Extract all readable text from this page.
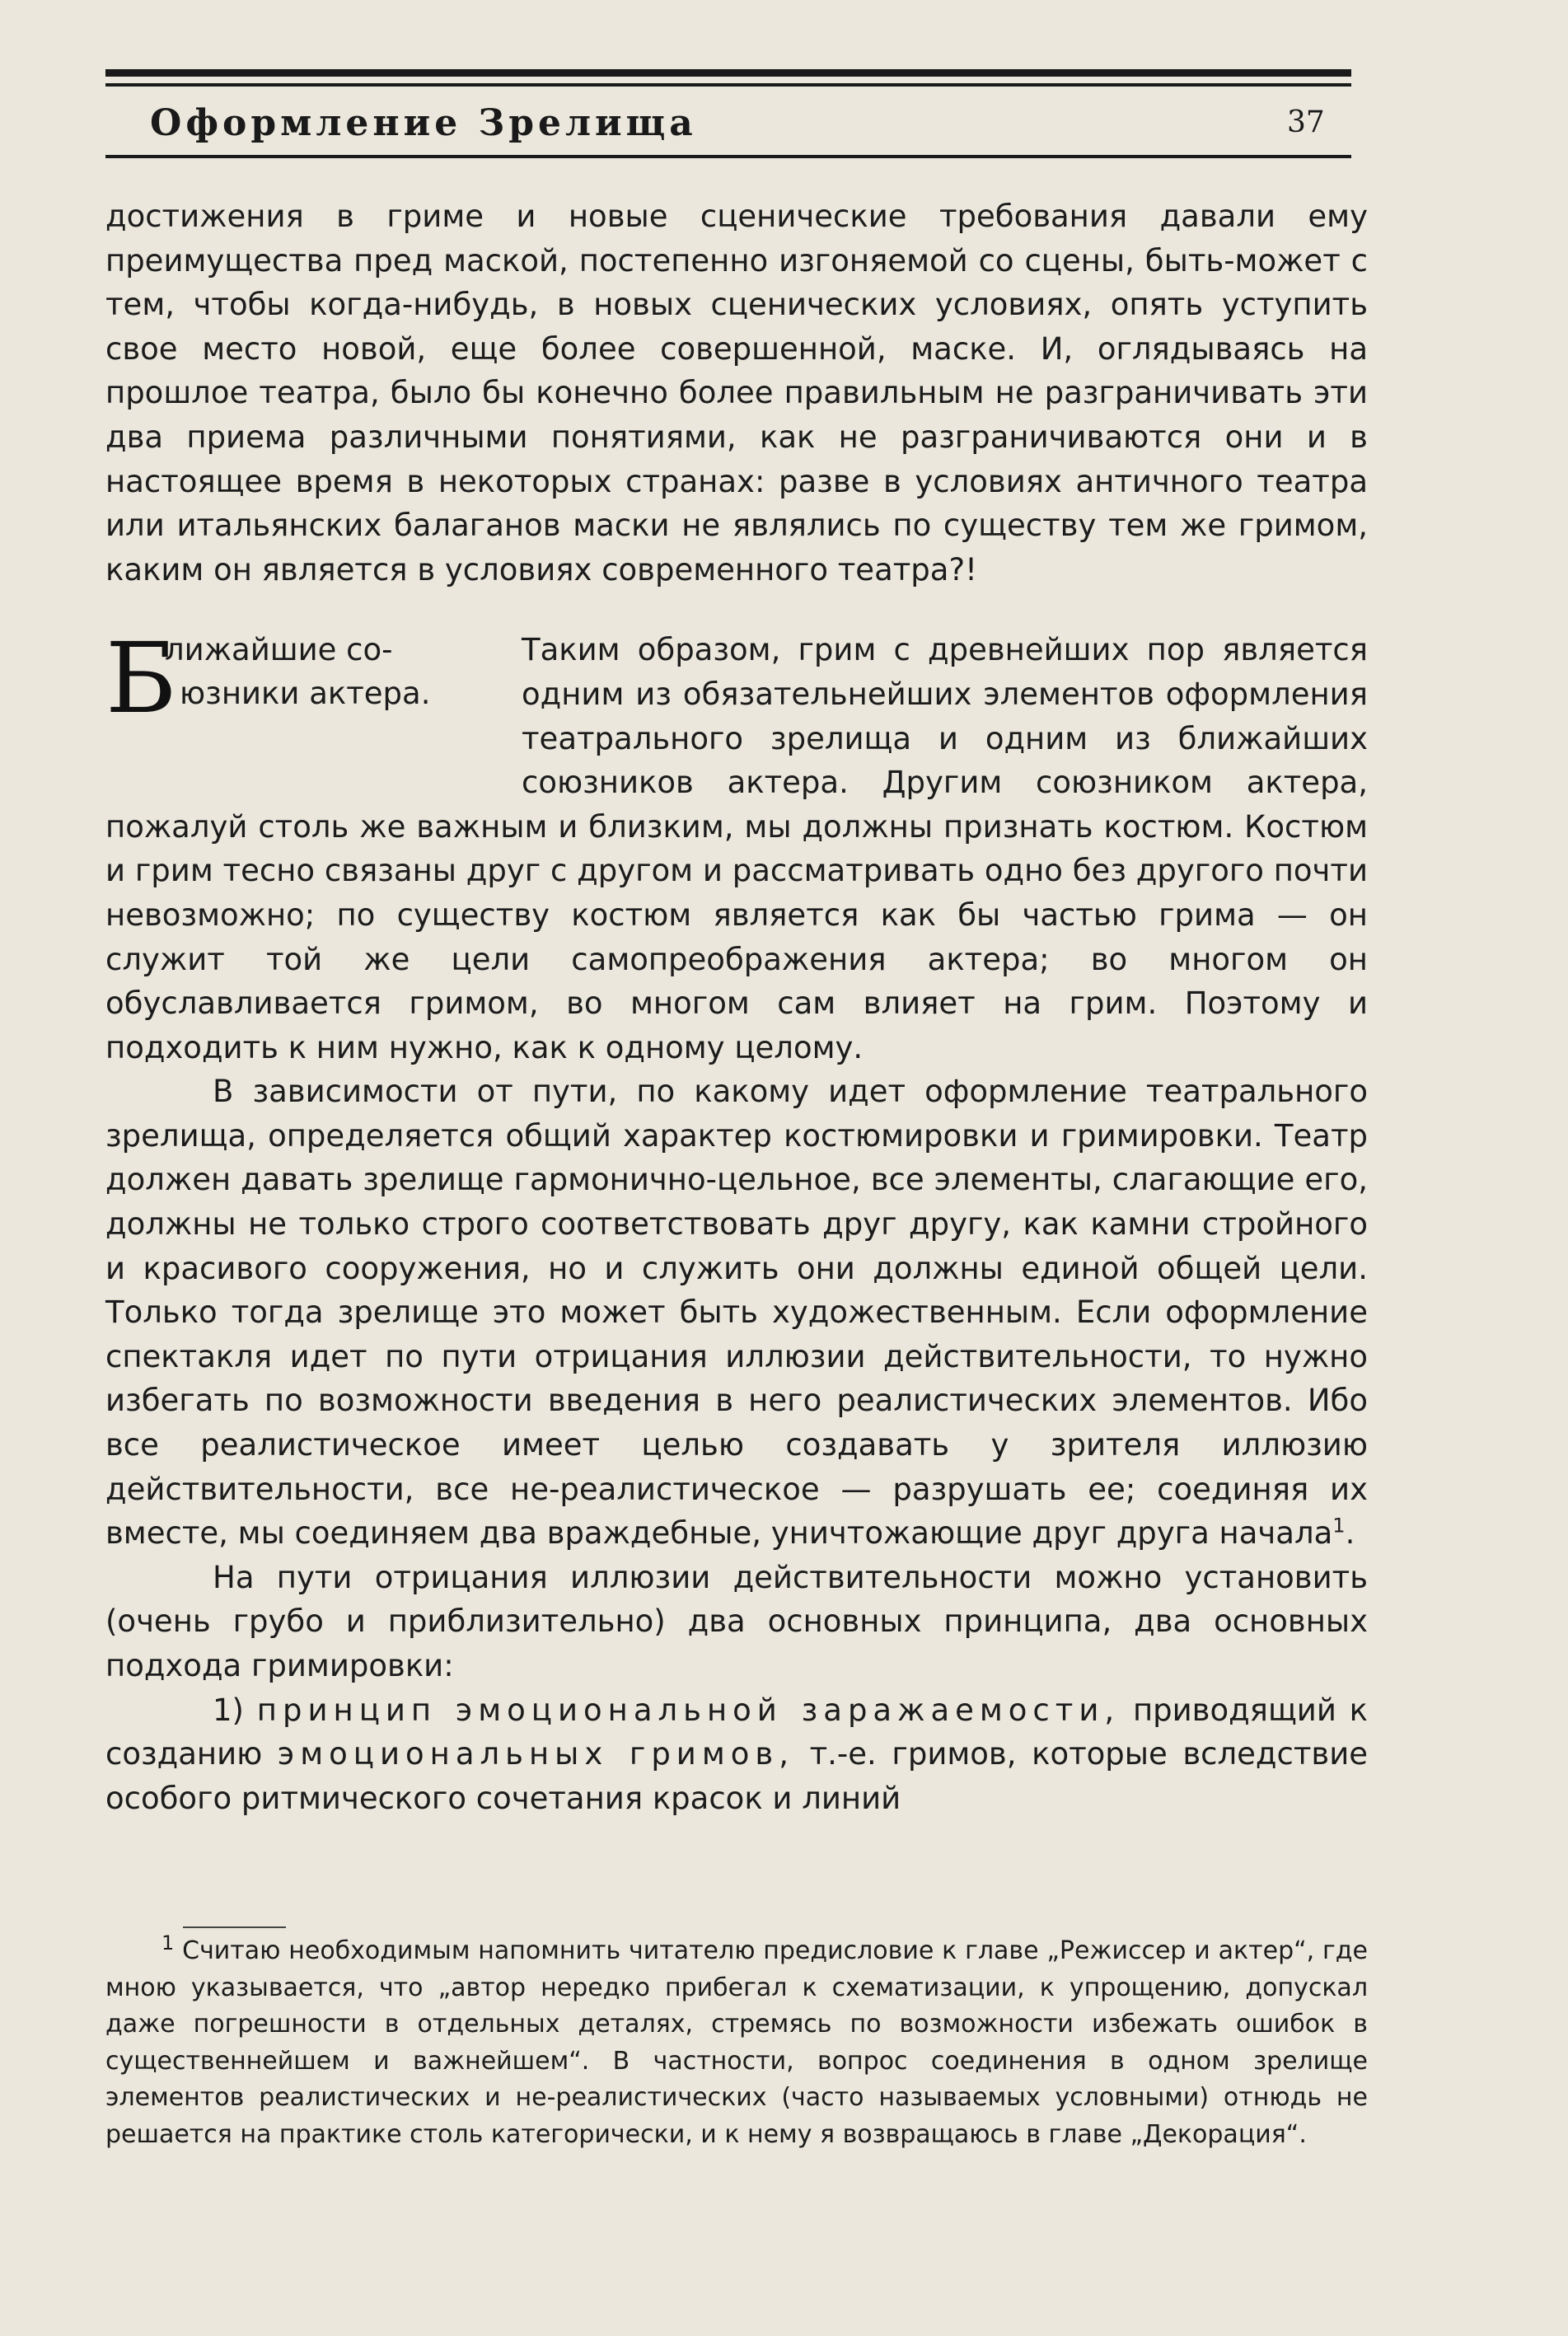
Оформление Зрелища	37

достижения в гриме и новые сценические требования давали ему преимущества пред маской, постепенно изгоняемой со сцены, быть-может с тем, чтобы когда-нибудь, в новых сценических условиях, опять уступить свое место новой, еще более совершенной, маске. И, оглядываясь на прошлое театра, было бы конечно более правильным не разграничивать эти два приема различными понятиями, как не разграничиваются они и в настоящее время в некоторых странах: разве в условиях античного театра или итальянских балаганов маски не являлись по существу тем же гримом, каким он является в условиях современного театра?!

Б
лижайшие со-
юзники актера.

Таким образом, грим с древнейших пор является одним из обязательнейших элементов оформления театрального зрелища и одним из ближайших союзников актера. Другим союзником актера, пожалуй столь же важным и близким, мы должны признать костюм. Костюм и грим тесно связаны друг с другом и рассматривать одно без другого почти невозможно; по существу костюм является как бы частью грима — он служит той же цели самопреображения актера; во многом он обуславливается гримом, во многом сам влияет на грим. Поэтому и подходить к ним нужно, как к одному целому.

В зависимости от пути, по какому идет оформление театрального зрелища, определяется общий характер костюмировки и гримировки. Театр должен давать зрелище гармонично-цельное, все элементы, слагающие его, должны не только строго соответствовать друг другу, как камни стройного и красивого сооружения, но и служить они должны единой общей цели. Только тогда зрелище это может быть художественным. Если оформление спектакля идет по пути отрицания иллюзии действительности, то нужно избегать по возможности введения в него реалистических элементов. Ибо все реалистическое имеет целью создавать у зрителя иллюзию действительности, все не-реалистическое — разрушать ее; соединяя их вместе, мы соединяем два враждебные, уничтожающие друг друга начала$^1$.

На пути отрицания иллюзии действительности можно установить (очень грубо и приблизительно) два основных принципа, два основных подхода гримировки:

1) принцип эмоциональной заражаемости, приводящий к созданию эмоциональных гримов, т.-е. гримов, которые вследствие особого ритмического сочетания красок и линий

$^1$ Считаю необходимым напомнить читателю предисловие к главе „Режиссер и актер“, где мною указывается, что „автор нередко прибегал к схематизации, к упрощению, допускал даже погрешности в отдельных деталях, стремясь по возможности избежать ошибок в существеннейшем и важнейшем“. В частности, вопрос соединения в одном зрелище элементов реалистических и не-реалистических (часто называемых условными) отнюдь не решается на практике столь категорически, и к нему я возвращаюсь в главе „Декорация“.
